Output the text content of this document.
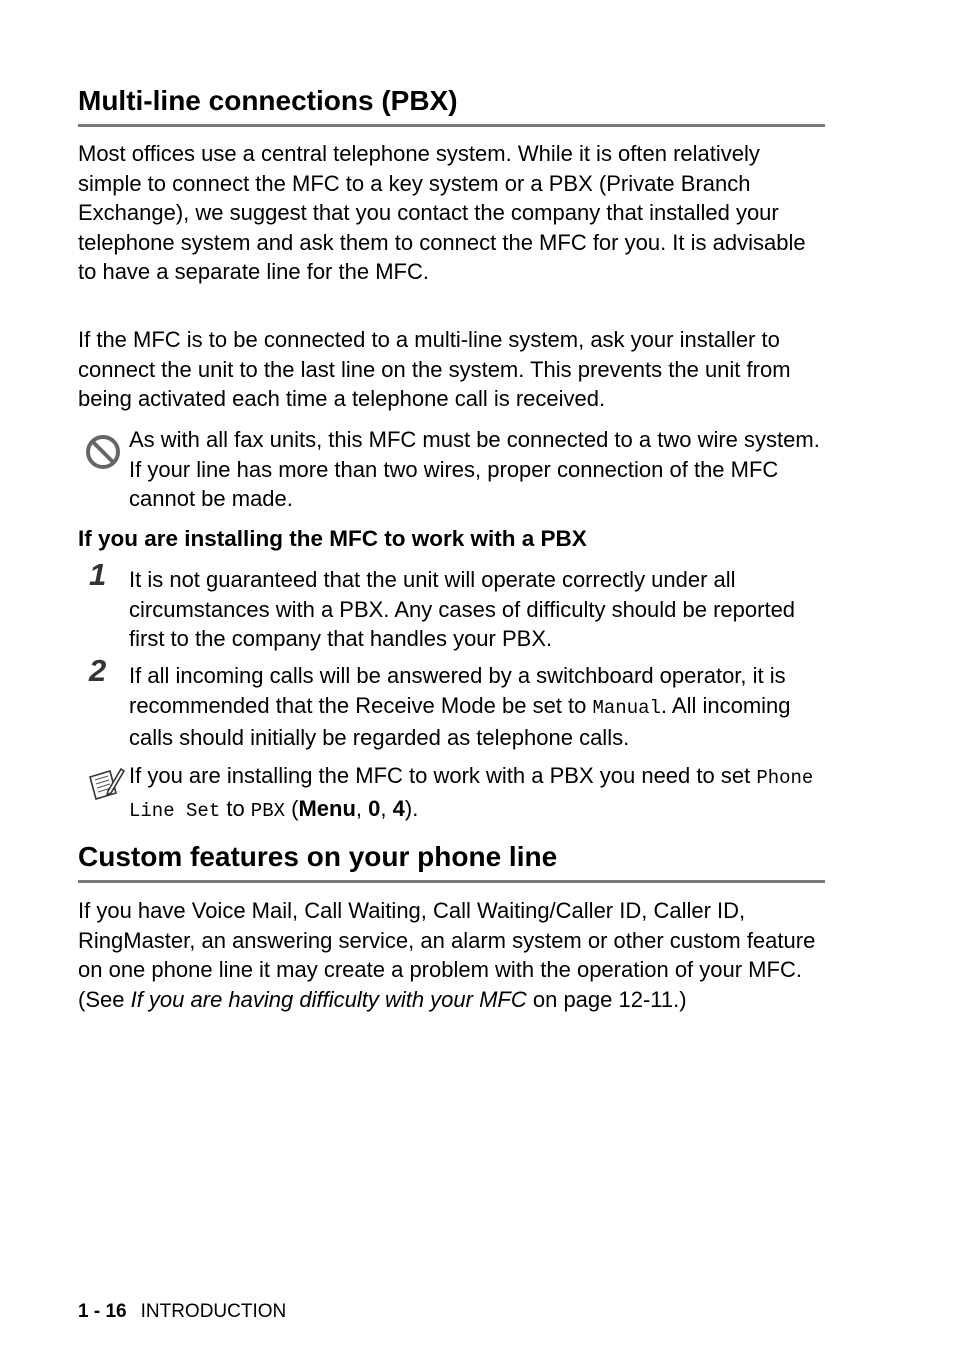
Multi-line connections (PBX)

Most offices use a central telephone system. While it is often relatively simple to connect the MFC to a key system or a PBX (Private Branch Exchange), we suggest that you contact the company that installed your telephone system and ask them to connect the MFC for you. It is advisable to have a separate line for the MFC.

If the MFC is to be connected to a multi-line system, ask your installer to connect the unit to the last line on the system. This prevents the unit from being activated each time a telephone call is received.

As with all fax units, this MFC must be connected to a two wire system. If your line has more than two wires, proper connection of the MFC cannot be made.

If you are installing the MFC to work with a PBX
1 It is not guaranteed that the unit will operate correctly under all circumstances with a PBX. Any cases of difficulty should be reported first to the company that handles your PBX.

2 If all incoming calls will be answered by a switchboard operator, it is recommended that the Receive Mode be set to Manual. All incoming calls should initially be regarded as telephone calls.

If you are installing the MFC to work with a PBX you need to set Phone Line Set to PBX (Menu, 0, 4).

Custom features on your phone line

If you have Voice Mail, Call Waiting, Call Waiting/Caller ID, Caller ID, RingMaster, an answering service, an alarm system or other custom feature on one phone line it may create a problem with the operation of your MFC. (See If you are having difficulty with your MFC on page 12-11.)

1 - 16 INTRODUCTION
